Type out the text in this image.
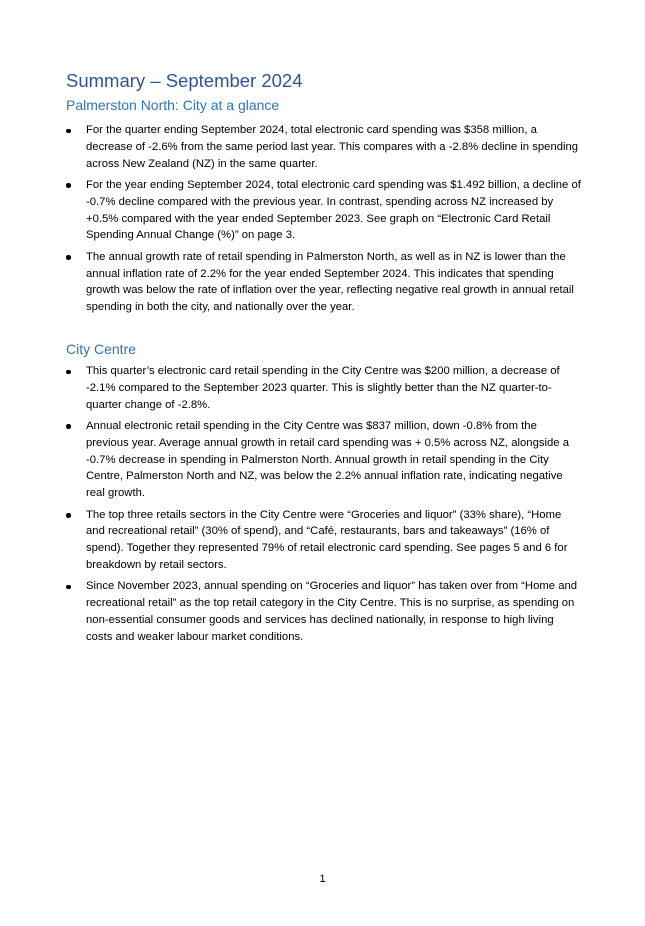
Summary – September 2024
Palmerston North: City at a glance
For the quarter ending September 2024, total electronic card spending was $358 million, a decrease of -2.6% from the same period last year. This compares with a -2.8% decline in spending across New Zealand (NZ) in the same quarter.
For the year ending September 2024, total electronic card spending was $1.492 billion, a decline of -0.7% decline compared with the previous year. In contrast, spending across NZ increased by +0.5% compared with the year ended September 2023. See graph on “Electronic Card Retail Spending Annual Change (%)” on page 3.
The annual growth rate of retail spending in Palmerston North, as well as in NZ is lower than the annual inflation rate of 2.2% for the year ended September 2024. This indicates that spending growth was below the rate of inflation over the year, reflecting negative real growth in annual retail spending in both the city, and nationally over the year.
City Centre
This quarter’s electronic card retail spending in the City Centre was $200 million, a decrease of -2.1% compared to the September 2023 quarter. This is slightly better than the NZ quarter-to-quarter change of -2.8%.
Annual electronic retail spending in the City Centre was $837 million, down -0.8% from the previous year. Average annual growth in retail card spending was + 0.5% across NZ, alongside a -0.7% decrease in spending in Palmerston North. Annual growth in retail spending in the City Centre, Palmerston North and NZ, was below the 2.2% annual inflation rate, indicating negative real growth.
The top three retails sectors in the City Centre were “Groceries and liquor” (33% share), “Home and recreational retail” (30% of spend), and “Café, restaurants, bars and takeaways” (16% of spend). Together they represented 79% of retail electronic card spending. See pages 5 and 6 for breakdown by retail sectors.
Since November 2023, annual spending on “Groceries and liquor” has taken over from “Home and recreational retail” as the top retail category in the City Centre. This is no surprise, as spending on non-essential consumer goods and services has declined nationally, in response to high living costs and weaker labour market conditions.
1
